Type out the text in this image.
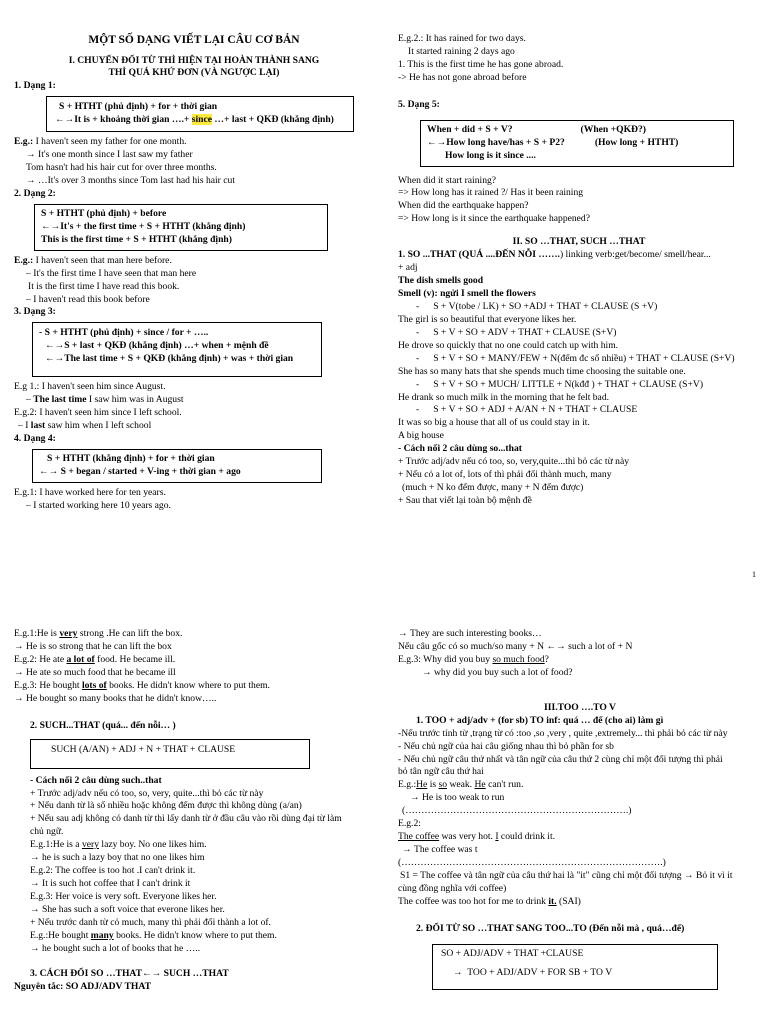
MỘT SỐ DẠNG VIẾT LẠI CÂU CƠ BẢN
I. CHUYỂN ĐỔI TỪ THÌ HIỆN TẠI HOÀN THÀNH SANG
THÌ QUÁ KHỨ ĐƠN (VÀ NGƯỢC LẠI)
1. Dạng 1:
S + HTHT (phủ định) + for + thời gian
←→It is + khoảng thời gian ….+ since …+ last + QKĐ (khẳng định)
E.g.: I haven't seen my father for one month.
→ It's one month since I last saw my father
Tom hasn't had his hair cut for over three months.
→ …It's over 3 months since Tom last had his hair cut
2. Dạng 2:
S + HTHT (phủ định) + before
←→It's + the first time + S + HTHT (khẳng định)
This is the first time + S + HTHT (khẳng định)
E.g.: I haven't seen that man here before.
– It's the first time I have seen that man here
It is the first time I have read this book.
– I haven't read this book before
3. Dạng 3:
- S + HTHT (phủ định) + since / for + …..
←→S + last + QKĐ (khẳng định) …+ when + mệnh đề
←→The last time + S + QKĐ (khẳng định) + was + thời gian
E.g 1.: I haven't seen him since August.
– The last time I saw him was in August
E.g.2: I haven't seen him since I left school.
– I last saw him when I left school
4. Dạng 4:
S + HTHT (khẳng định) + for + thời gian
←→ S + began / started + V-ing + thời gian + ago
E.g.1: I have worked here for ten years.
– I started working here 10 years ago.
E.g.2.: It has rained for two days.
It started raining 2 days ago
1. This is the first time he has gone abroad.
-> He has not gone abroad before
5. Dạng 5:
When + did + S + V?	(When +QKĐ?)
←→How long have/has + S + P2?	(How long + HTHT)
How long is it since ....
When did it start raining?
=> How long has it rained ?/ Has it been raining
When did the earthquake happen?
=> How long is it since the earthquake happened?
II. SO …THAT, SUCH …THAT
1. SO ...THAT (QUÁ ....ĐẾN NỖI …….) linking verb:get/become/ smell/hear...
+ adj
The dish smells good
Smell (v): ngửi I smell the flowers
- S + V(tobe / LK) + SO +ADJ + THAT + CLAUSE (S +V)
The girl is so beautiful that everyone likes her.
- S + V + SO + ADV + THAT + CLAUSE (S+V)
He drove so quickly that no one could catch up with him.
- S + V + SO + MANY/FEW + N(đếm đc số nhiều) + THAT + CLAUSE (S+V)
She has so many hats that she spends much time choosing the suitable one.
- S + V + SO + MUCH/ LITTLE + N(kđđ ) + THAT + CLAUSE (S+V)
He drank so much milk in the morning that he felt bad.
- S + V + SO + ADJ + A/AN + N + THAT + CLAUSE
It was so big a house that all of us could stay in it.
A big house
- Cách nối 2 câu dùng so...that
+ Trước adj/adv nếu có too, so, very,quite...thì bỏ các từ này
+ Nếu có a lot of, lots of thì phải đổi thành much, many
(much + N ko đếm được, many + N đếm được)
+ Sau that viết lại toàn bộ mệnh đề
1
E.g.1:He is very strong .He can lift the box.
→ He is so strong that he can lift the box
E.g.2: He ate a lot of food. He became ill.
→ He ate so much food that he became ill
E.g.3: He bought lots of books. He didn't know where to put them.
→ He bought so many books that he didn't know…..
2. SUCH...THAT (quá... đến nỗi… )
SUCH (A/AN) + ADJ + N + THAT + CLAUSE
- Cách nối 2 câu dùng such..that
+ Trước adj/adv nếu có too, so, very, quite...thì bỏ các từ này
+ Nếu danh từ là số nhiều hoặc không đếm được thì không dùng (a/an)
+ Nếu sau adj không có danh từ thì lấy danh từ ở đầu câu vào rồi dùng đại từ làm
chủ ngữ.
E.g.1:He is a very lazy boy. No one likes him.
→ he is such a lazy boy that no one likes him
E.g.2: The coffee is too hot .I can't drink it.
→ It is such hot coffee that I can't drink it
E.g.3: Her voice is very soft. Everyone likes her.
→ She has such a soft voice that everone likes her.
+ Nếu trước danh từ có much, many thì phải đổi thành a lot of.
E.g.:He bought many books. He didn't know where to put them.
→ he bought such a lot of books that he …..
3. CÁCH ĐỔI SO …THAT←→ SUCH …THAT
Nguyên tắc: SO ADJ/ADV THAT
→ They are such interesting books…
Nếu câu gốc có so much/so many + N ←→ such a lot of + N
E.g.3: Why did you buy so much food?
→ why did you buy such a lot of food?
III.TOO ….TO V
1. TOO + adj/adv + (for sb) TO inf: quá … để (cho ai) làm gì
-Nếu trước tính từ ,trạng từ có :too ,so ,very , quite ,extremely... thì phải bỏ các từ này
- Nếu chủ ngữ của hai câu giống nhau thì bỏ phần for sb
- Nếu chủ ngữ câu thứ nhất và tân ngữ của câu thứ 2 cùng chỉ một đối tượng thì phải
bỏ tân ngữ câu thứ hai
E.g.:He is so weak. He can't run.
→ He is too weak to run
(…………………………………………………………….)
E.g.2:
The coffee was very hot. I could drink it.
→ The coffee was t
(……………………………………………………………………….)
S1 = The coffee và tân ngữ của câu thứ hai là "it" cũng chỉ một đối tượng → Bỏ it vì it
cùng đồng nghĩa với coffee)
The coffee was too hot for me to drink it. (SAI)
2. ĐỔI TỪ SO …THAT SANG TOO...TO (Đến nỗi mà , quá…để)
SO + ADJ/ADV + THAT +CLAUSE
→ TOO + ADJ/ADV + FOR SB + TO V
